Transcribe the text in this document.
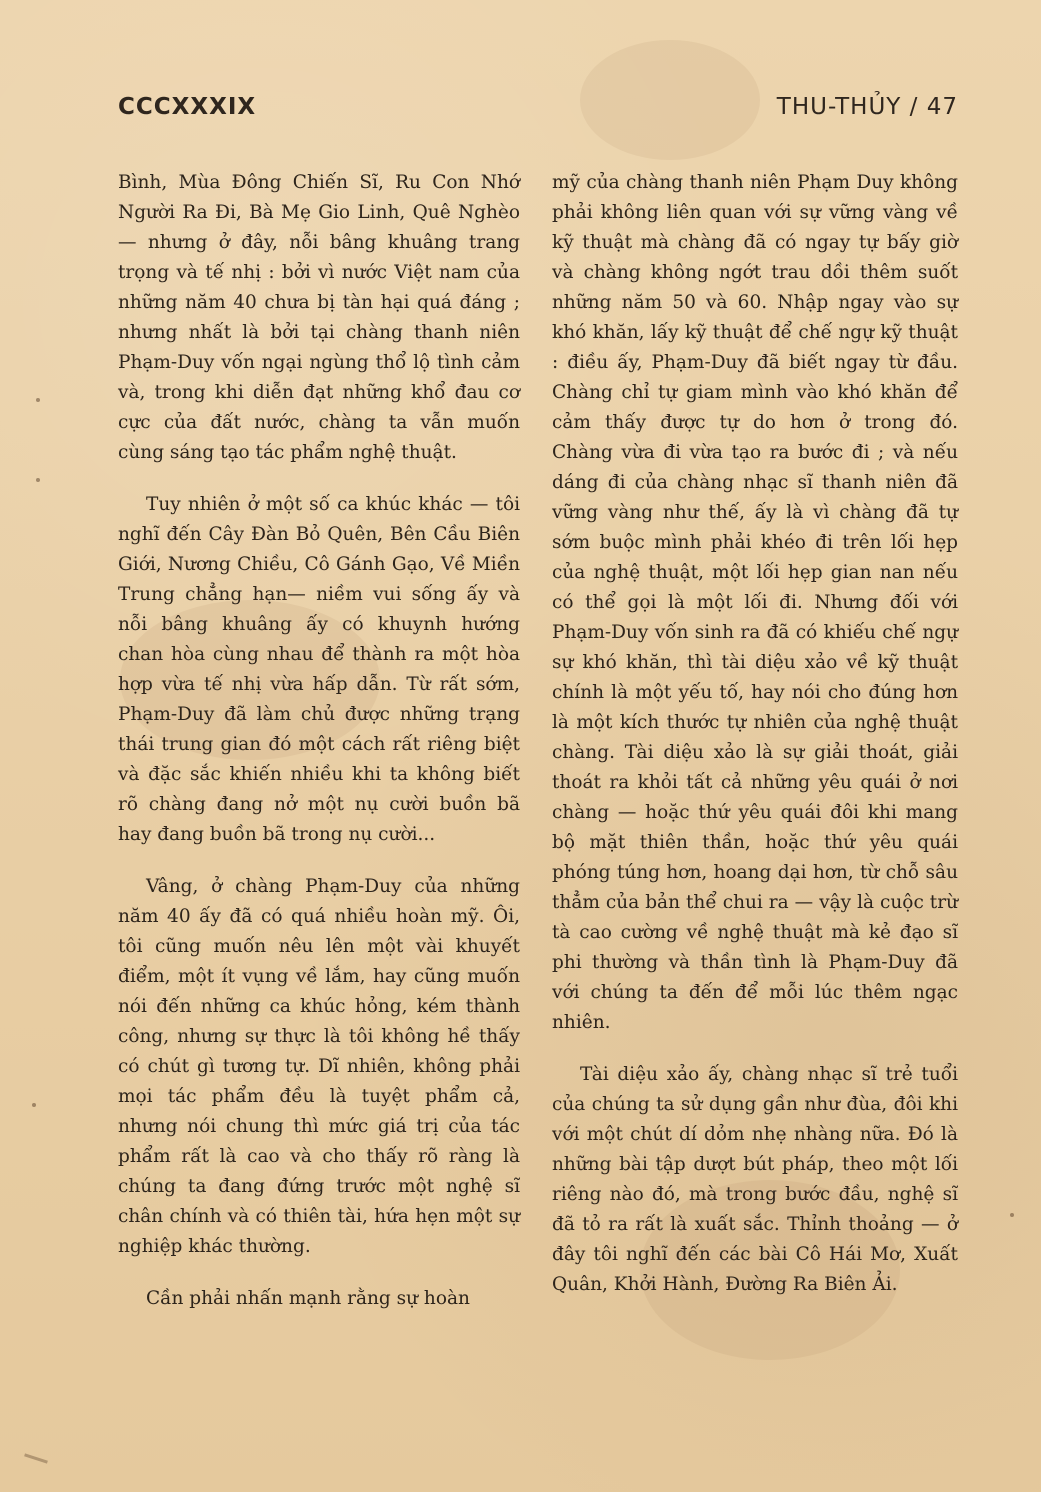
CCCXXXIX	THU-THỦY / 47

Bình, Mùa Đông Chiến Sĩ, Ru Con Nhớ Người Ra Đi, Bà Mẹ Gio Linh, Quê Nghèo — nhưng ở đây, nỗi bâng khuâng trang trọng và tế nhị : bởi vì nước Việt nam của những năm 40 chưa bị tàn hại quá đáng ; nhưng nhất là bởi tại chàng thanh niên Phạm-Duy vốn ngại ngùng thổ lộ tình cảm và, trong khi diễn đạt những khổ đau cơ cực của đất nước, chàng ta vẫn muốn cùng sáng tạo tác phẩm nghệ thuật.

Tuy nhiên ở một số ca khúc khác — tôi nghĩ đến Cây Đàn Bỏ Quên, Bên Cầu Biên Giới, Nương Chiều, Cô Gánh Gạo, Về Miền Trung chẳng hạn— niềm vui sống ấy và nỗi bâng khuâng ấy có khuynh hướng chan hòa cùng nhau để thành ra một hòa hợp vừa tế nhị vừa hấp dẫn. Từ rất sớm, Phạm-Duy đã làm chủ được những trạng thái trung gian đó một cách rất riêng biệt và đặc sắc khiến nhiều khi ta không biết rõ chàng đang nở một nụ cười buồn bã hay đang buồn bã trong nụ cười...

Vâng, ở chàng Phạm-Duy của những năm 40 ấy đã có quá nhiều hoàn mỹ. Ôi, tôi cũng muốn nêu lên một vài khuyết điểm, một ít vụng về lắm, hay cũng muốn nói đến những ca khúc hỏng, kém thành công, nhưng sự thực là tôi không hề thấy có chút gì tương tự. Dĩ nhiên, không phải mọi tác phẩm đều là tuyệt phẩm cả, nhưng nói chung thì mức giá trị của tác phẩm rất là cao và cho thấy rõ ràng là chúng ta đang đứng trước một nghệ sĩ chân chính và có thiên tài, hứa hẹn một sự nghiệp khác thường.

Cần phải nhấn mạnh rằng sự hoàn

mỹ của chàng thanh niên Phạm Duy không phải không liên quan với sự vững vàng về kỹ thuật mà chàng đã có ngay tự bấy giờ và chàng không ngớt trau dồi thêm suốt những năm 50 và 60. Nhập ngay vào sự khó khăn, lấy kỹ thuật để chế ngự kỹ thuật : điều ấy, Phạm-Duy đã biết ngay từ đầu. Chàng chỉ tự giam mình vào khó khăn để cảm thấy được tự do hơn ở trong đó. Chàng vừa đi vừa tạo ra bước đi ; và nếu dáng đi của chàng nhạc sĩ thanh niên đã vững vàng như thế, ấy là vì chàng đã tự sớm buộc mình phải khéo đi trên lối hẹp của nghệ thuật, một lối hẹp gian nan nếu có thể gọi là một lối đi. Nhưng đối với Phạm-Duy vốn sinh ra đã có khiếu chế ngự sự khó khăn, thì tài diệu xảo về kỹ thuật chính là một yếu tố, hay nói cho đúng hơn là một kích thước tự nhiên của nghệ thuật chàng. Tài diệu xảo là sự giải thoát, giải thoát ra khỏi tất cả những yêu quái ở nơi chàng — hoặc thứ yêu quái đôi khi mang bộ mặt thiên thần, hoặc thứ yêu quái phóng túng hơn, hoang dại hơn, từ chỗ sâu thẳm của bản thể chui ra — vậy là cuộc trừ tà cao cường về nghệ thuật mà kẻ đạo sĩ phi thường và thần tình là Phạm-Duy đã với chúng ta đến để mỗi lúc thêm ngạc nhiên.

Tài diệu xảo ấy, chàng nhạc sĩ trẻ tuổi của chúng ta sử dụng gần như đùa, đôi khi với một chút dí dỏm nhẹ nhàng nữa. Đó là những bài tập dượt bút pháp, theo một lối riêng nào đó, mà trong bước đầu, nghệ sĩ đã tỏ ra rất là xuất sắc. Thỉnh thoảng — ở đây tôi nghĩ đến các bài Cô Hái Mơ, Xuất Quân, Khởi Hành, Đường Ra Biên Ải.
